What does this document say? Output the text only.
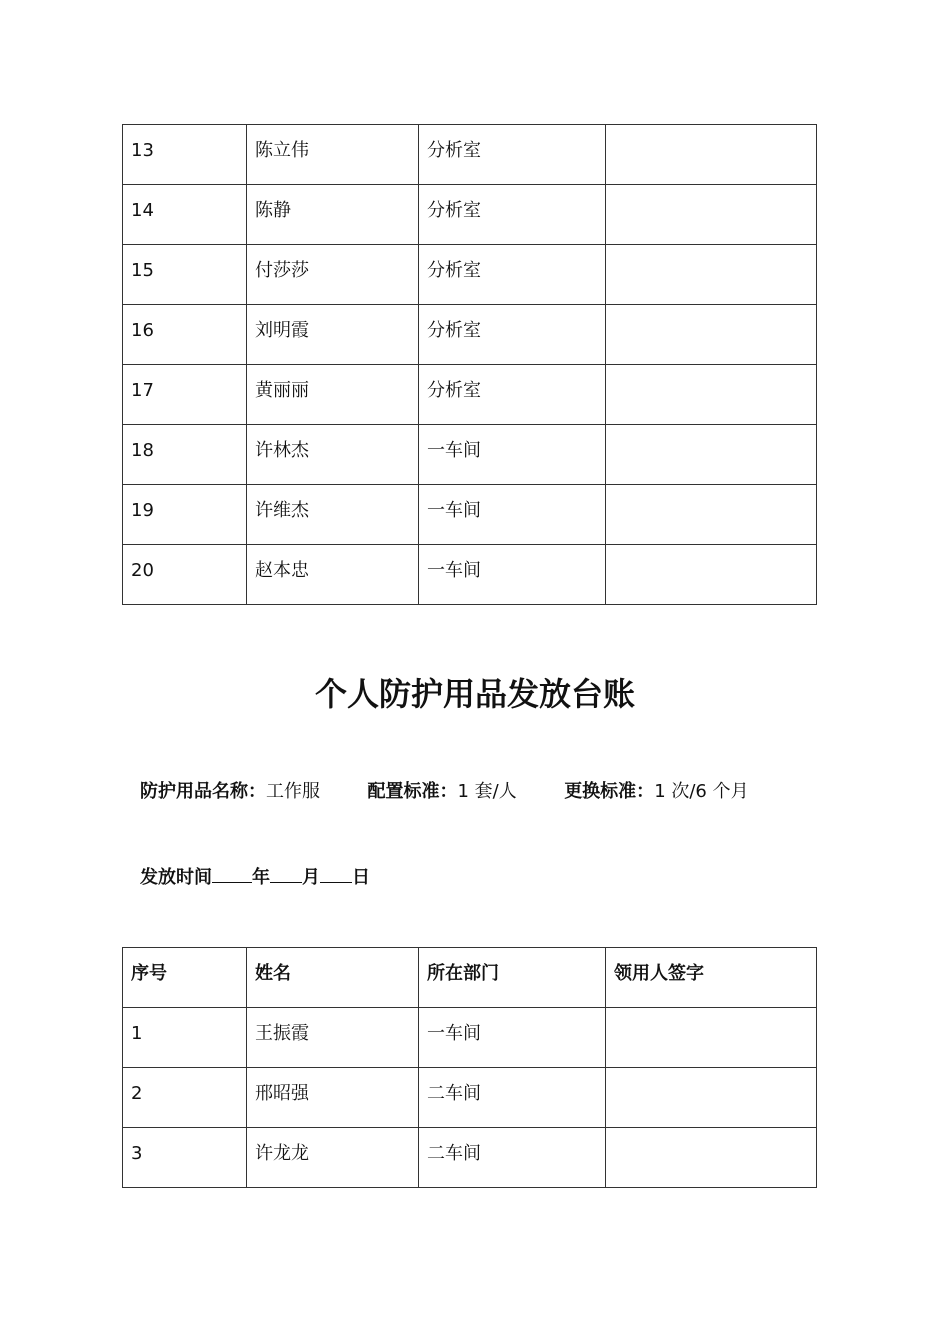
13	陈立伟	分析室	
14	陈静	分析室	
15	付莎莎	分析室	
16	刘明霞	分析室	
17	黄丽丽	分析室	
18	许林杰	一车间	
19	许维杰	一车间	
20	赵本忠	一车间	
个人防护用品发放台账
防护用品名称：工作服	配置标准：1 套/人	更换标准：1 次/6 个月
发放时间 年 月 日
序号	姓名	所在部门	领用人签字
1	王振霞	一车间	
2	邢昭强	二车间	
3	许龙龙	二车间	
